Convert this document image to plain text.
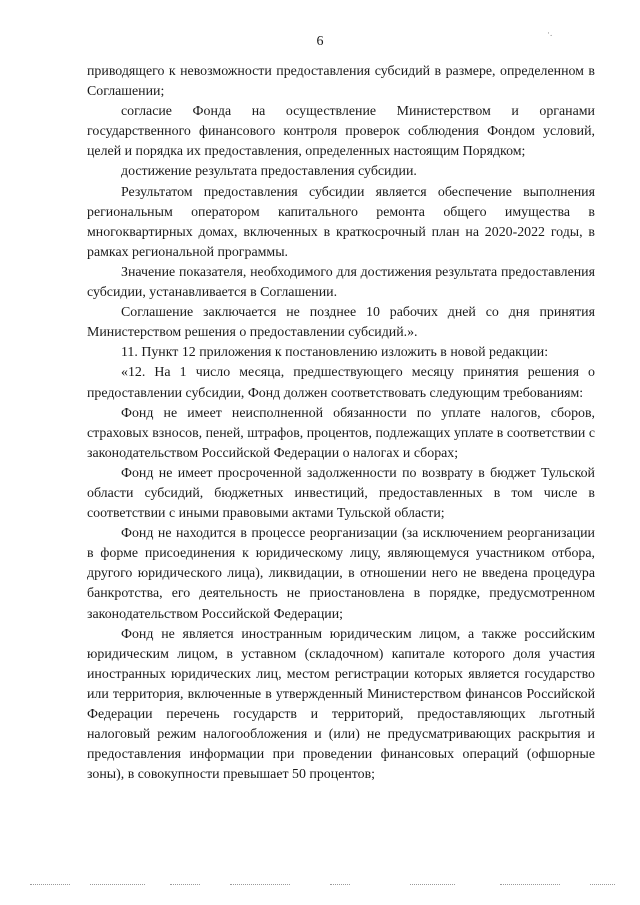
6
·.

приводящего к невозможности предоставления субсидий в размере, определенном в Соглашении;

согласие Фонда на осуществление Министерством и органами государственного финансового контроля проверок соблюдения Фондом условий, целей и порядка их предоставления, определенных настоящим Порядком;

достижение результата предоставления субсидии.

Результатом предоставления субсидии является обеспечение выполнения региональным оператором капитального ремонта общего имущества в многоквартирных домах, включенных в краткосрочный план на 2020-2022 годы, в рамках региональной программы.

Значение показателя, необходимого для достижения результата предоставления субсидии, устанавливается в Соглашении.

Соглашение заключается не позднее 10 рабочих дней со дня принятия Министерством решения о предоставлении субсидий.».

11. Пункт 12 приложения к постановлению изложить в новой редакции:

«12. На 1 число месяца, предшествующего месяцу принятия решения о предоставлении субсидии, Фонд должен соответствовать следующим требованиям:

Фонд не имеет неисполненной обязанности по уплате налогов, сборов, страховых взносов, пеней, штрафов, процентов, подлежащих уплате в соответствии с законодательством Российской Федерации о налогах и сборах;

Фонд не имеет просроченной задолженности по возврату в бюджет Тульской области субсидий, бюджетных инвестиций, предоставленных в том числе в соответствии с иными правовыми актами Тульской области;

Фонд не находится в процессе реорганизации (за исключением реорганизации в форме присоединения к юридическому лицу, являющемуся участником отбора, другого юридического лица), ликвидации, в отношении него не введена процедура банкротства, его деятельность не приостановлена в порядке, предусмотренном законодательством Российской Федерации;

Фонд не является иностранным юридическим лицом, а также российским юридическим лицом, в уставном (складочном) капитале которого доля участия иностранных юридических лиц, местом регистрации которых является государство или территория, включенные в утвержденный Министерством финансов Российской Федерации перечень государств и территорий, предоставляющих льготный налоговый режим налогообложения и (или) не предусматривающих раскрытия и предоставления информации при проведении финансовых операций (офшорные зоны), в совокупности превышает 50 процентов;
